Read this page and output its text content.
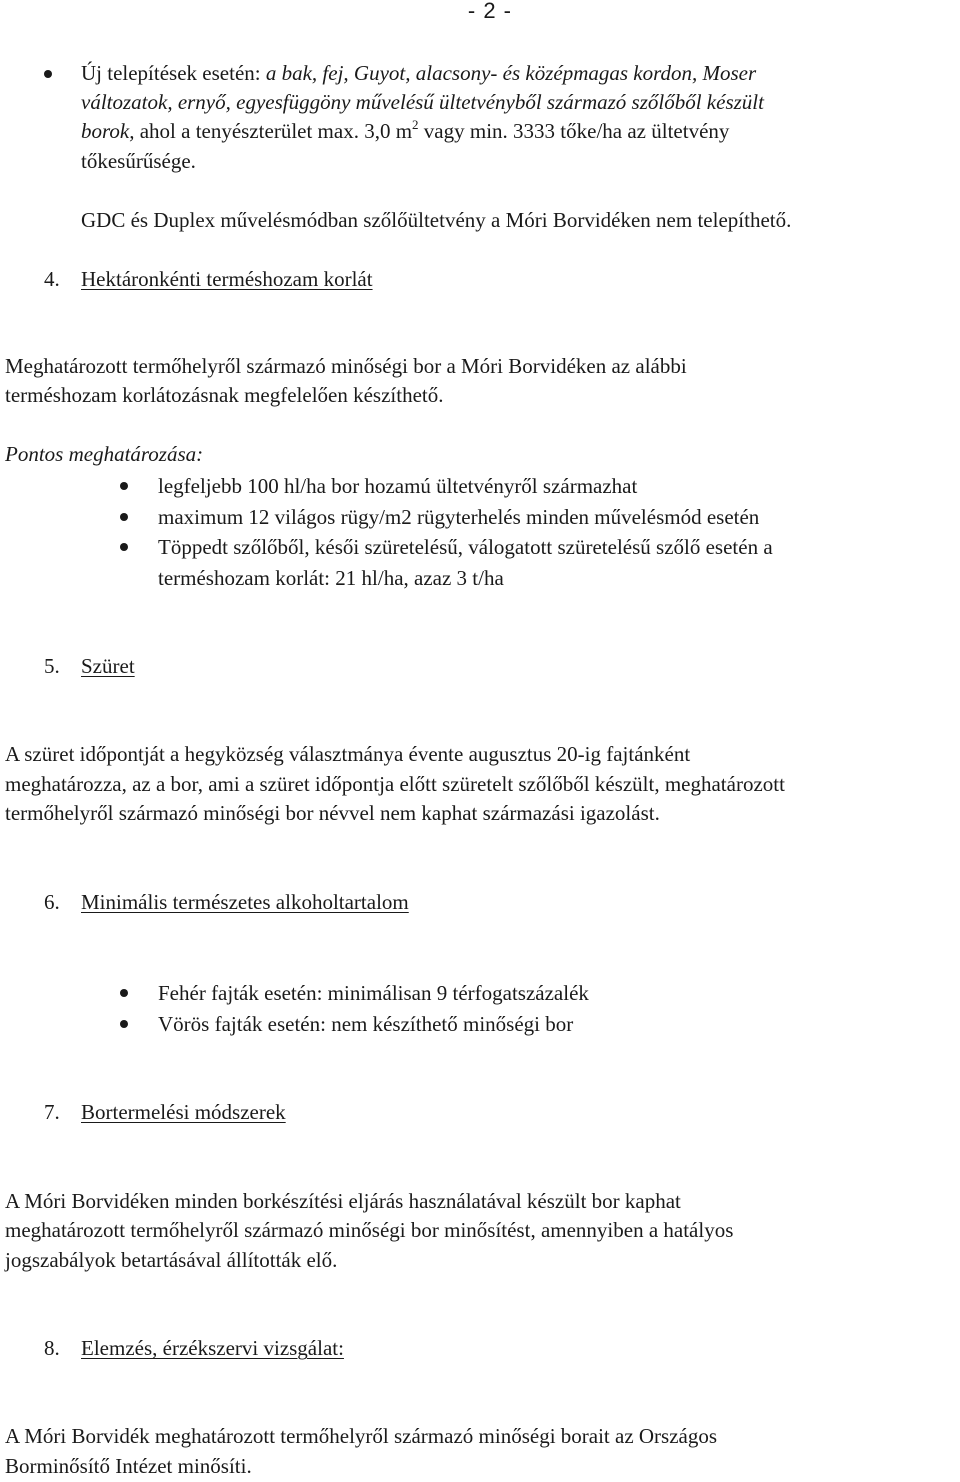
- 2 -
Új telepítések esetén: a bak, fej, Guyot, alacsony- és középmagas kordon, Moser
változatok, ernyő, egyesfüggöny művelésű ültetvényből származó szőlőből készült
borok, ahol a tenyészterület max. 3,0 $m^2$ vagy min. 3333 tőke/ha az ültetvény
tőkesűrűsége.
GDC és Duplex művelésmódban szőlőültetvény a Móri Borvidéken nem telepíthető.
4. Hektáronkénti terméshozam korlát
Meghatározott termőhelyről származó minőségi bor a Móri Borvidéken az alábbi
terméshozam korlátozásnak megfelelően készíthető.
Pontos meghatározása:
legfeljebb 100 hl/ha bor hozamú ültetvényről származhat
maximum 12 világos rügy/m2 rügyterhelés minden művelésmód esetén
Töppedt szőlőből, késői szüretelésű, válogatott szüretelésű szőlő esetén a
terméshozam korlát: 21 hl/ha, azaz 3 t/ha
5. Szüret
A szüret időpontját a hegyközség választmánya évente augusztus 20-ig fajtánként
meghatározza, az a bor, ami a szüret időpontja előtt szüretelt szőlőből készült, meghatározott
termőhelyről származó minőségi bor névvel nem kaphat származási igazolást.
6. Minimális természetes alkoholtartalom
Fehér fajták esetén: minimálisan 9 térfogatszázalék
Vörös fajták esetén: nem készíthető minőségi bor
7. Bortermelési módszerek
A Móri Borvidéken minden borkészítési eljárás használatával készült bor kaphat
meghatározott termőhelyről származó minőségi bor minősítést, amennyiben a hatályos
jogszabályok betartásával állították elő.
8. Elemzés, érzékszervi vizsgálat:
A Móri Borvidék meghatározott termőhelyről származó minőségi borait az Országos
Borminősítő Intézet minősíti.
